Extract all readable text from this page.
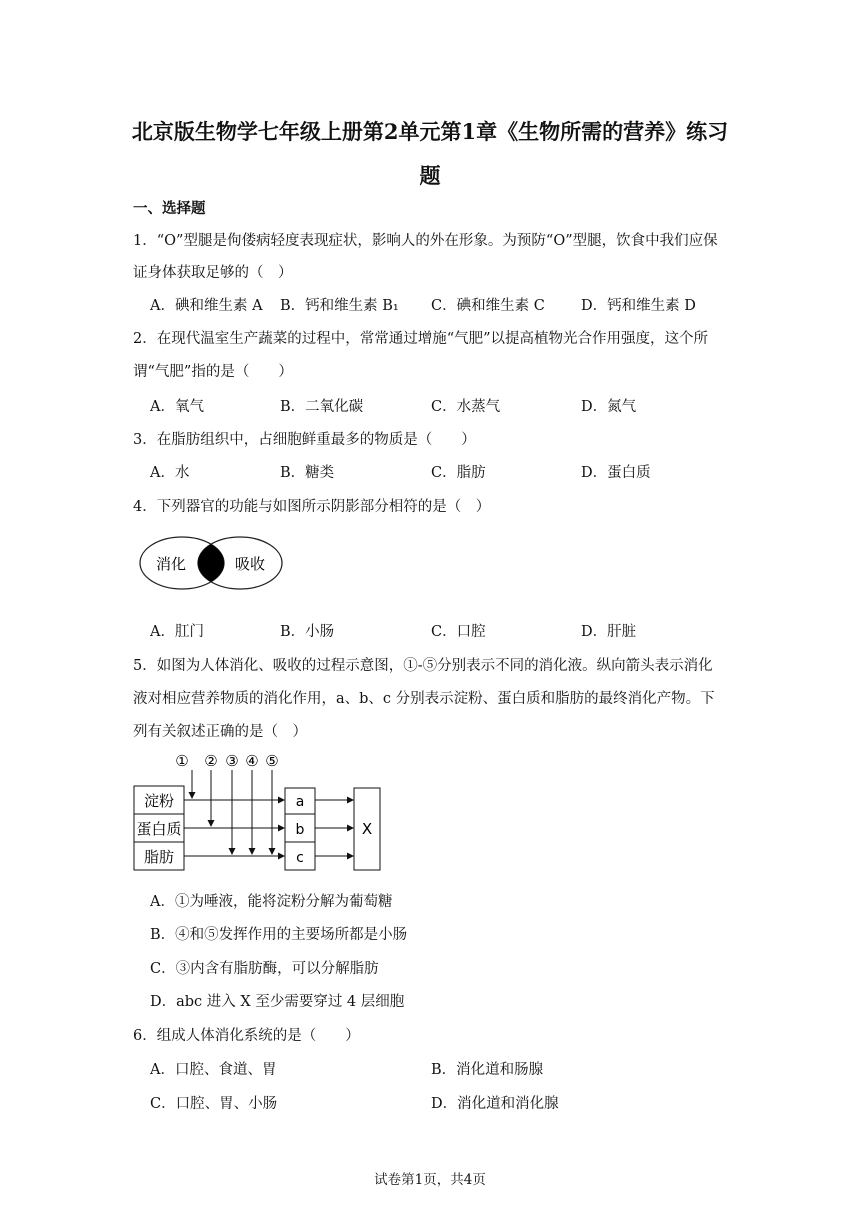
北京版生物学七年级上册第2单元第1章《生物所需的营养》练习
题
一、选择题
1．“O”型腿是佝偻病轻度表现症状，影响人的外在形象。为预防“O”型腿，饮食中我们应保
证身体获取足够的（　）
A．碘和维生素 A B．钙和维生素 B₁ C．碘和维生素 C D．钙和维生素 D
2．在现代温室生产蔬菜的过程中，常常通过增施“气肥”以提高植物光合作用强度，这个所
谓“气肥”指的是（　　）
A．氧气	B．二氧化碳	C．水蒸气	D．氮气
3．在脂肪组织中，占细胞鲜重最多的物质是（　　）
A．水	B．糖类	C．脂肪	D．蛋白质
4．下列器官的功能与如图所示阴影部分相符的是（　）
消化	吸收
A．肛门	B．小肠	C．口腔	D．肝脏
5．如图为人体消化、吸收的过程示意图，①-⑤分别表示不同的消化液。纵向箭头表示消化
液对相应营养物质的消化作用，a、b、c 分别表示淀粉、蛋白质和脂肪的最终消化产物。下
列有关叙述正确的是（　）
① ② ③ ④ ⑤
淀粉
蛋白质
脂肪
a
b
c
X
A．①为唾液，能将淀粉分解为葡萄糖
B．④和⑤发挥作用的主要场所都是小肠
C．③内含有脂肪酶，可以分解脂肪
D．abc 进入 X 至少需要穿过 4 层细胞
6．组成人体消化系统的是（　　）
A．口腔、食道、胃	B．消化道和肠腺
C．口腔、胃、小肠	D．消化道和消化腺
试卷第1页，共4页
